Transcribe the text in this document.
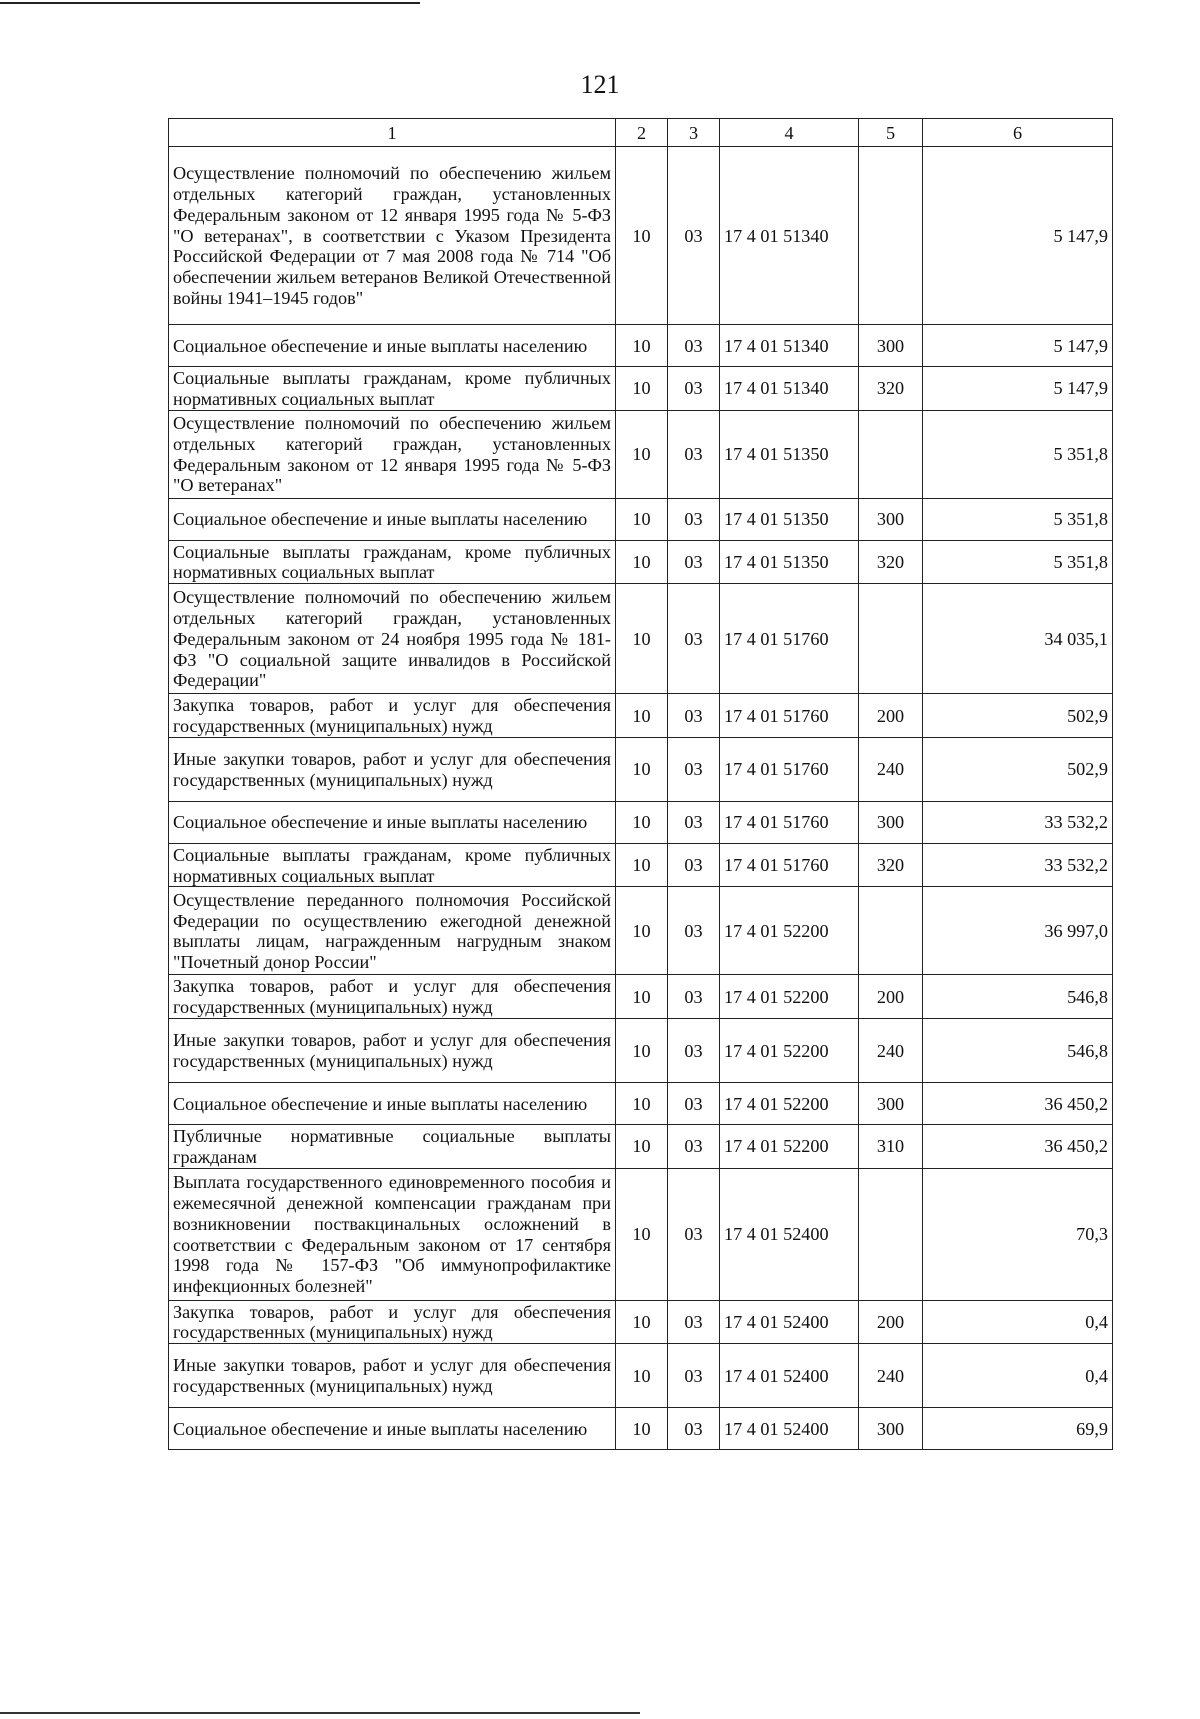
121
1	2	3	4	5	6
Осуществление полномочий по обеспечению жильем отдельных категорий граждан, установленных Федеральным законом от 12 января 1995 года № 5-ФЗ "О ветеранах", в соответствии с Указом Президента Российской Федерации от 7 мая 2008 года № 714 "Об обеспечении жильем ветеранов Великой Отечественной войны 1941–1945 годов"	10	03	17 4 01 51340		5 147,9
Социальное обеспечение и иные выплаты населению	10	03	17 4 01 51340	300	5 147,9
Социальные выплаты гражданам, кроме публичных нормативных социальных выплат	10	03	17 4 01 51340	320	5 147,9
Осуществление полномочий по обеспечению жильем отдельных категорий граждан, установленных Федеральным законом от 12 января 1995 года № 5-ФЗ "О ветеранах"	10	03	17 4 01 51350		5 351,8
Социальное обеспечение и иные выплаты населению	10	03	17 4 01 51350	300	5 351,8
Социальные выплаты гражданам, кроме публичных нормативных социальных выплат	10	03	17 4 01 51350	320	5 351,8
Осуществление полномочий по обеспечению жильем отдельных категорий граждан, установленных Федеральным законом от 24 ноября 1995 года № 181-ФЗ "О социальной защите инвалидов в Российской Федерации"	10	03	17 4 01 51760		34 035,1
Закупка товаров, работ и услуг для обеспечения государственных (муниципальных) нужд	10	03	17 4 01 51760	200	502,9
Иные закупки товаров, работ и услуг для обеспечения государственных (муниципальных) нужд	10	03	17 4 01 51760	240	502,9
Социальное обеспечение и иные выплаты населению	10	03	17 4 01 51760	300	33 532,2
Социальные выплаты гражданам, кроме публичных нормативных социальных выплат	10	03	17 4 01 51760	320	33 532,2
Осуществление переданного полномочия Российской Федерации по осуществлению ежегодной денежной выплаты лицам, награжденным нагрудным знаком "Почетный донор России"	10	03	17 4 01 52200		36 997,0
Закупка товаров, работ и услуг для обеспечения государственных (муниципальных) нужд	10	03	17 4 01 52200	200	546,8
Иные закупки товаров, работ и услуг для обеспечения государственных (муниципальных) нужд	10	03	17 4 01 52200	240	546,8
Социальное обеспечение и иные выплаты населению	10	03	17 4 01 52200	300	36 450,2
Публичные нормативные социальные выплаты гражданам	10	03	17 4 01 52200	310	36 450,2
Выплата государственного единовременного пособия и ежемесячной денежной компенсации гражданам при возникновении поствакцинальных осложнений в соответствии с Федеральным законом от 17 сентября 1998 года № 157-ФЗ "Об иммунопрофилактике инфекционных болезней"	10	03	17 4 01 52400		70,3
Закупка товаров, работ и услуг для обеспечения государственных (муниципальных) нужд	10	03	17 4 01 52400	200	0,4
Иные закупки товаров, работ и услуг для обеспечения государственных (муниципальных) нужд	10	03	17 4 01 52400	240	0,4
Социальное обеспечение и иные выплаты населению	10	03	17 4 01 52400	300	69,9
